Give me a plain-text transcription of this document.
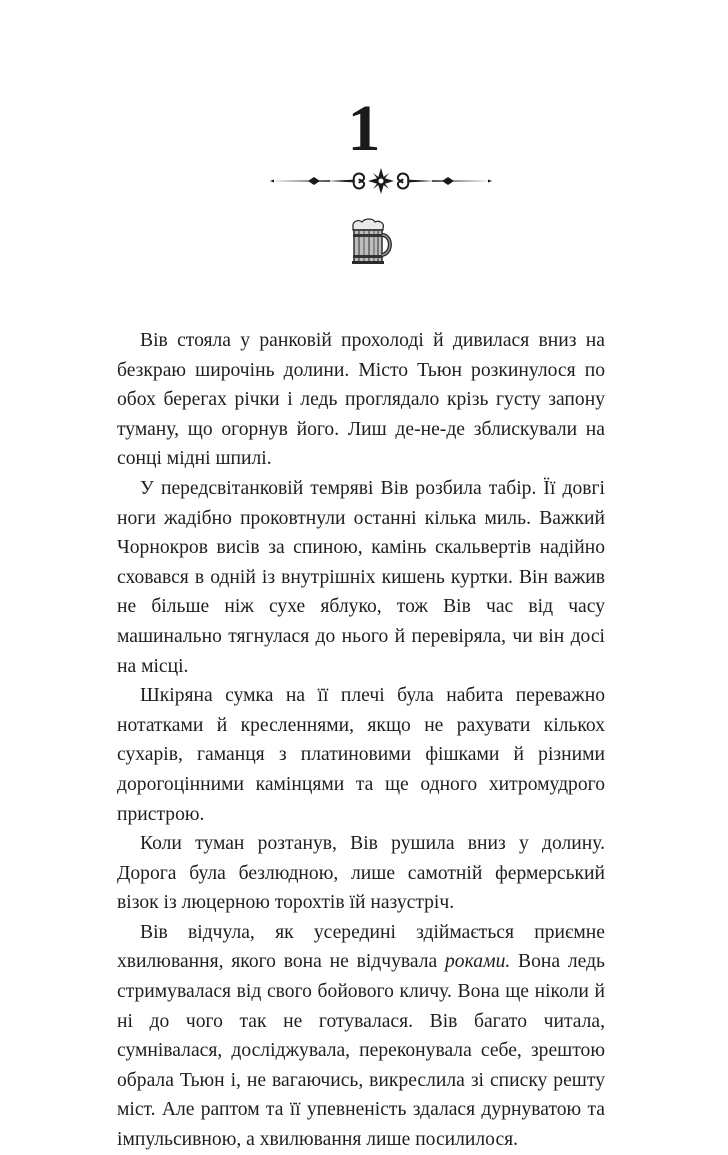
1

Вів стояла у ранковій прохолоді й дивилася вниз на безкраю широчінь долини. Місто Тьюн розкинулося по обох берегах річки і ледь проглядало крізь густу запону туману, що огорнув його. Лиш де-не-де зблискували на сонці мідні шпилі.

У передсвітанковій темряві Вів розбила табір. Її довгі ноги жадібно проковтнули останні кілька миль. Важкий Чорнокров висів за спиною, камінь скальвертів надійно сховався в одній із внутрішніх кишень куртки. Він важив не більше ніж сухе яблуко, тож Вів час від часу машинально тягнулася до нього й перевіряла, чи він досі на місці.

Шкіряна сумка на її плечі була набита переважно нотатками й кресленнями, якщо не рахувати кількох сухарів, гаманця з платиновими фішками й різними дорогоцінними камінцями та ще одного хитромудрого пристрою.

Коли туман розтанув, Вів рушила вниз у долину. Дорога була безлюдною, лише самотній фермерський візок із люцерною торохтів їй назустріч.

Вів відчула, як усередині здіймається приємне хвилювання, якого вона не відчувала роками. Вона ледь стримувалася від свого бойового кличу. Вона ще ніколи й ні до чого так не готувалася. Вів багато читала, сумнівалася, досліджувала, переконувала себе, зрештою обрала Тьюн і, не вагаючись, викреслила зі списку решту міст. Але раптом та її упевненість здалася дурнуватою та імпульсивною, а хвилювання лише посилилося.
